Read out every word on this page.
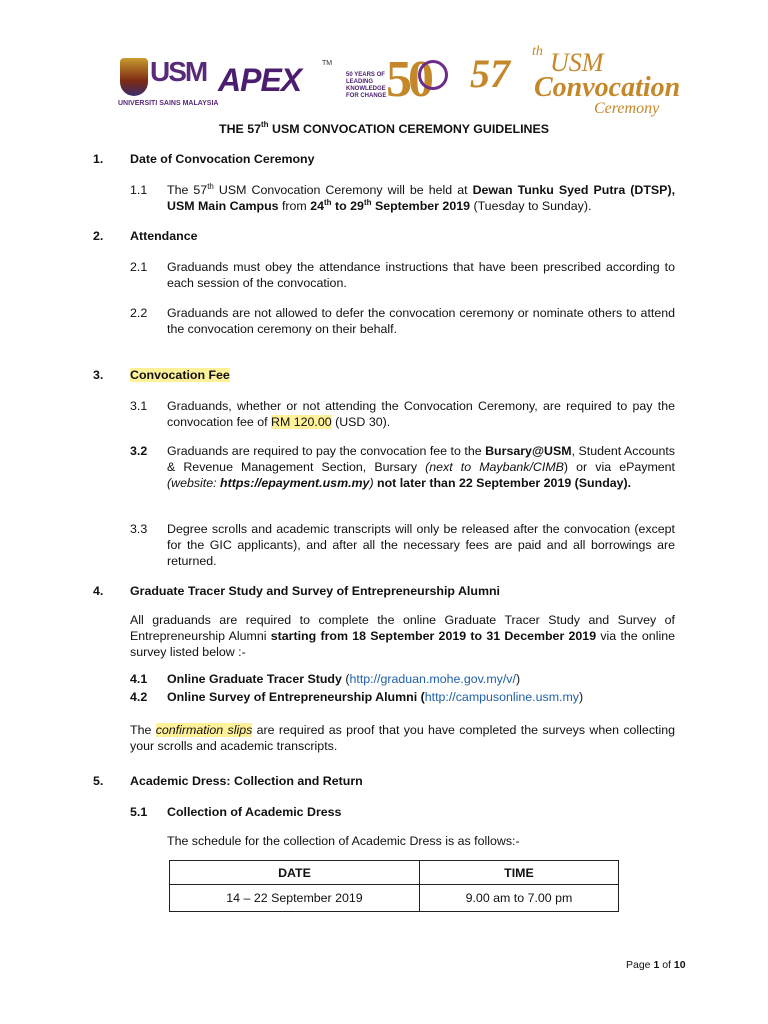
USM
UNIVERSITI SAINS MALAYSIA
APEX	TM
50 YEARS OF LEADING KNOWLEDGE FOR CHANGE 50 57 th USM
Convocation
Ceremony
THE 57th USM CONVOCATION CEREMONY GUIDELINES
1. Date of Convocation Ceremony
1.1 The 57th USM Convocation Ceremony will be held at Dewan Tunku Syed Putra (DTSP), USM Main Campus from 24th to 29th September 2019 (Tuesday to Sunday).
2. Attendance
2.1 Graduands must obey the attendance instructions that have been prescribed according to each session of the convocation.
2.2 Graduands are not allowed to defer the convocation ceremony or nominate others to attend the convocation ceremony on their behalf.
3. Convocation Fee
3.1 Graduands, whether or not attending the Convocation Ceremony, are required to pay the convocation fee of RM 120.00 (USD 30).
3.2 Graduands are required to pay the convocation fee to the Bursary@USM, Student Accounts & Revenue Management Section, Bursary (next to Maybank/CIMB) or via ePayment (website: https://epayment.usm.my) not later than 22 September 2019 (Sunday).
3.3 Degree scrolls and academic transcripts will only be released after the convocation (except for the GIC applicants), and after all the necessary fees are paid and all borrowings are returned.
4. Graduate Tracer Study and Survey of Entrepreneurship Alumni
All graduands are required to complete the online Graduate Tracer Study and Survey of Entrepreneurship Alumni starting from 18 September 2019 to 31 December 2019 via the online survey listed below :-
4.1 Online Graduate Tracer Study (http://graduan.mohe.gov.my/v/)
4.2 Online Survey of Entrepreneurship Alumni (http://campusonline.usm.my)
The confirmation slips are required as proof that you have completed the surveys when collecting your scrolls and academic transcripts.
5. Academic Dress: Collection and Return
5.1 Collection of Academic Dress
The schedule for the collection of Academic Dress is as follows:-
DATE	TIME
14 – 22 September 2019	9.00 am to 7.00 pm
Page 1 of 10
